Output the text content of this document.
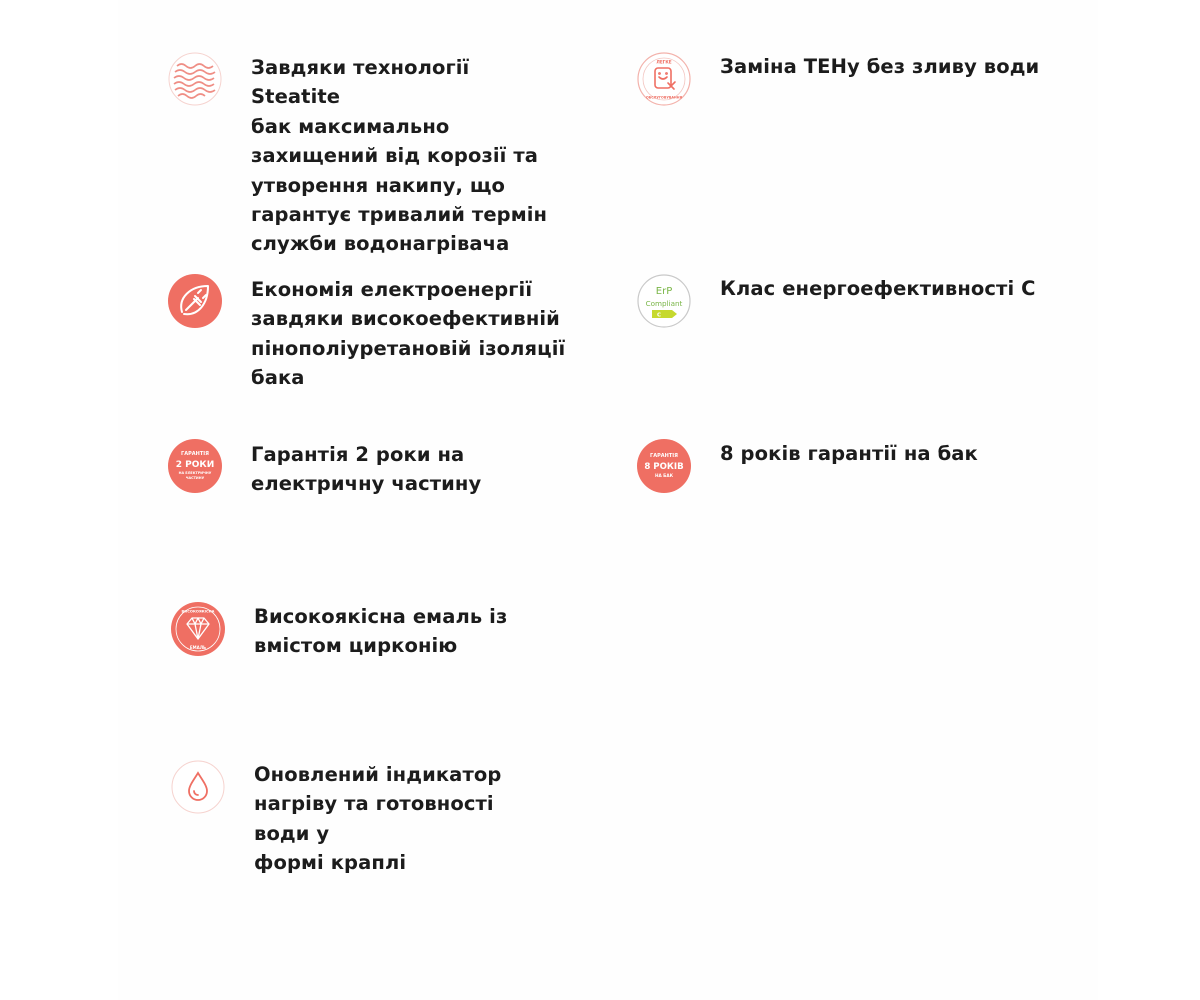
Завдяки технології Steatite
бак максимально
захищений від корозії та
утворення накипу, що
гарантує тривалий термін
служби водонагрівача
ЛЕГКЕ
ОБСЛУГОВУВАННЯ
Заміна ТЕНу без зливу води
Економія електроенергії
завдяки високоефективній
пінополіуретановій ізоляції
бака
ErP
Compliant
C
Клас енергоефективності С
ГАРАНТІЯ
2 РОКИ
НА ЕЛЕКТРИЧНУ
ЧАСТИНУ
Гарантія 2 роки на
електричну частину
ГАРАНТІЯ
8 РОКІВ
НА БАК
8 років гарантії на бак
ВИСОКОЯКІСНА
ЕМАЛЬ
Високоякісна емаль із
вмістом цирконію
Оновлений індикатор
нагріву та готовності води у
формі краплі
